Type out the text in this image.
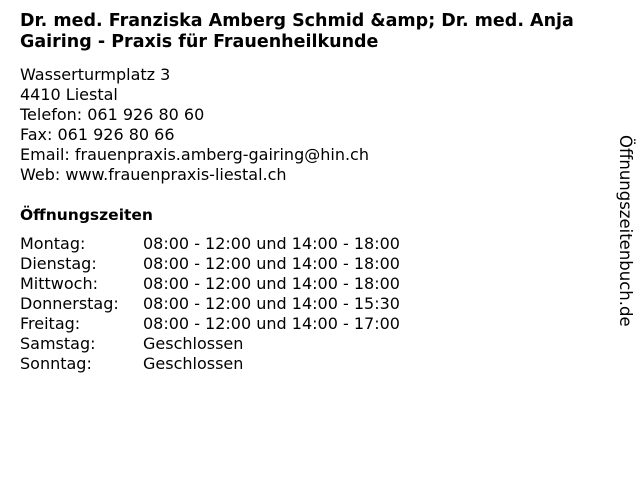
Dr. med. Franziska Amberg Schmid &amp; Dr. med. Anja Gairing - Praxis für Frauenheilkunde
Wasserturmplatz 3
4410 Liestal
Telefon: 061 926 80 60
Fax: 061 926 80 66
Email: frauenpraxis.amberg-gairing@hin.ch
Web: www.frauenpraxis-liestal.ch
Öffnungszeiten
Montag:	08:00 - 12:00 und 14:00 - 18:00
Dienstag:	08:00 - 12:00 und 14:00 - 18:00
Mittwoch:	08:00 - 12:00 und 14:00 - 18:00
Donnerstag:	08:00 - 12:00 und 14:00 - 15:30
Freitag:	08:00 - 12:00 und 14:00 - 17:00
Samstag:	Geschlossen
Sonntag:	Geschlossen
Öffnungszeitenbuch.de
